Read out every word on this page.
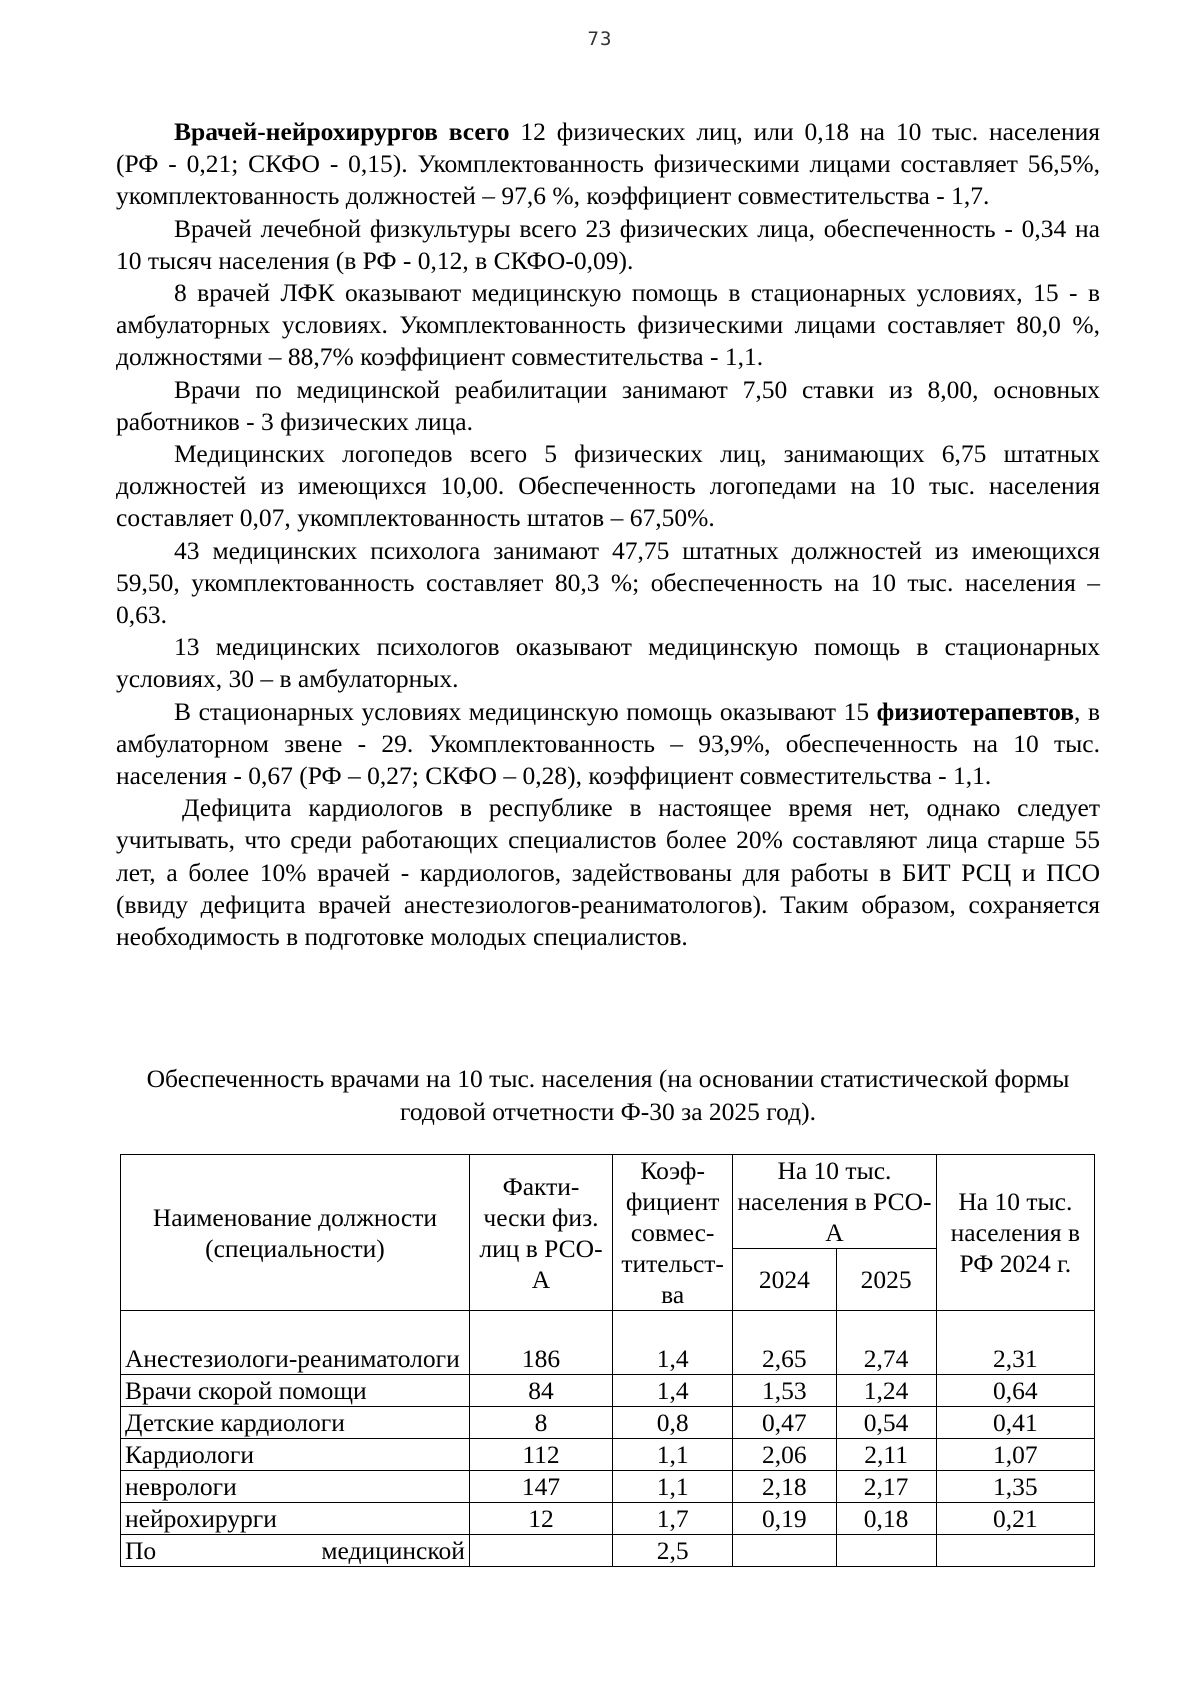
73

Врачей-нейрохирургов всего 12 физических лиц, или 0,18 на 10 тыс. населения (РФ - 0,21; СКФО - 0,15). Укомплектованность физическими лицами составляет 56,5%, укомплектованность должностей – 97,6 %, коэффициент совместительства - 1,7.

Врачей лечебной физкультуры всего 23 физических лица, обеспеченность - 0,34 на 10 тысяч населения (в РФ - 0,12, в СКФО-0,09).

8 врачей ЛФК оказывают медицинскую помощь в стационарных условиях, 15 - в амбулаторных условиях. Укомплектованность физическими лицами составляет 80,0 %, должностями – 88,7% коэффициент совместительства - 1,1.

Врачи по медицинской реабилитации занимают 7,50 ставки из 8,00, основных работников - 3 физических лица.

Медицинских логопедов всего 5 физических лиц, занимающих 6,75 штатных должностей из имеющихся 10,00. Обеспеченность логопедами на 10 тыс. населения составляет 0,07, укомплектованность штатов – 67,50%.

43 медицинских психолога занимают 47,75 штатных должностей из имеющихся 59,50, укомплектованность составляет 80,3 %; обеспеченность на 10 тыс. населения – 0,63.

13 медицинских психологов оказывают медицинскую помощь в стационарных условиях, 30 – в амбулаторных.

В стационарных условиях медицинскую помощь оказывают 15 физиотерапевтов, в амбулаторном звене - 29. Укомплектованность – 93,9%, обеспеченность на 10 тыс. населения - 0,67 (РФ – 0,27; СКФО – 0,28), коэффициент совместительства - 1,1.

Дефицита кардиологов в республике в настоящее время нет, однако следует учитывать, что среди работающих специалистов более 20% составляют лица старше 55 лет, а более 10% врачей - кардиологов, задействованы для работы в БИТ РСЦ и ПСО (ввиду дефицита врачей анестезиологов-реаниматологов). Таким образом, сохраняется необходимость в подготовке молодых специалистов.

Обеспеченность врачами на 10 тыс. населения (на основании статистической формы годовой отчетности Ф-30 за 2025 год).
Наименование должности (специальности)	Факти-чески физ. лиц в РСО-А	Коэф-фициент совмес-тительст-ва	На 10 тыс. населения в РСО-А		На 10 тыс. населения в РФ 2024 г.
			2024	2025	
Анестезиологи-реаниматологи	186	1,4	2,65	2,74	2,31
Врачи скорой помощи	84	1,4	1,53	1,24	0,64
Детские кардиологи	8	0,8	0,47	0,54	0,41
Кардиологи	112	1,1	2,06	2,11	1,07
неврологи	147	1,1	2,18	2,17	1,35
нейрохирурги	12	1,7	0,19	0,18	0,21

По медицинской		2,5			
